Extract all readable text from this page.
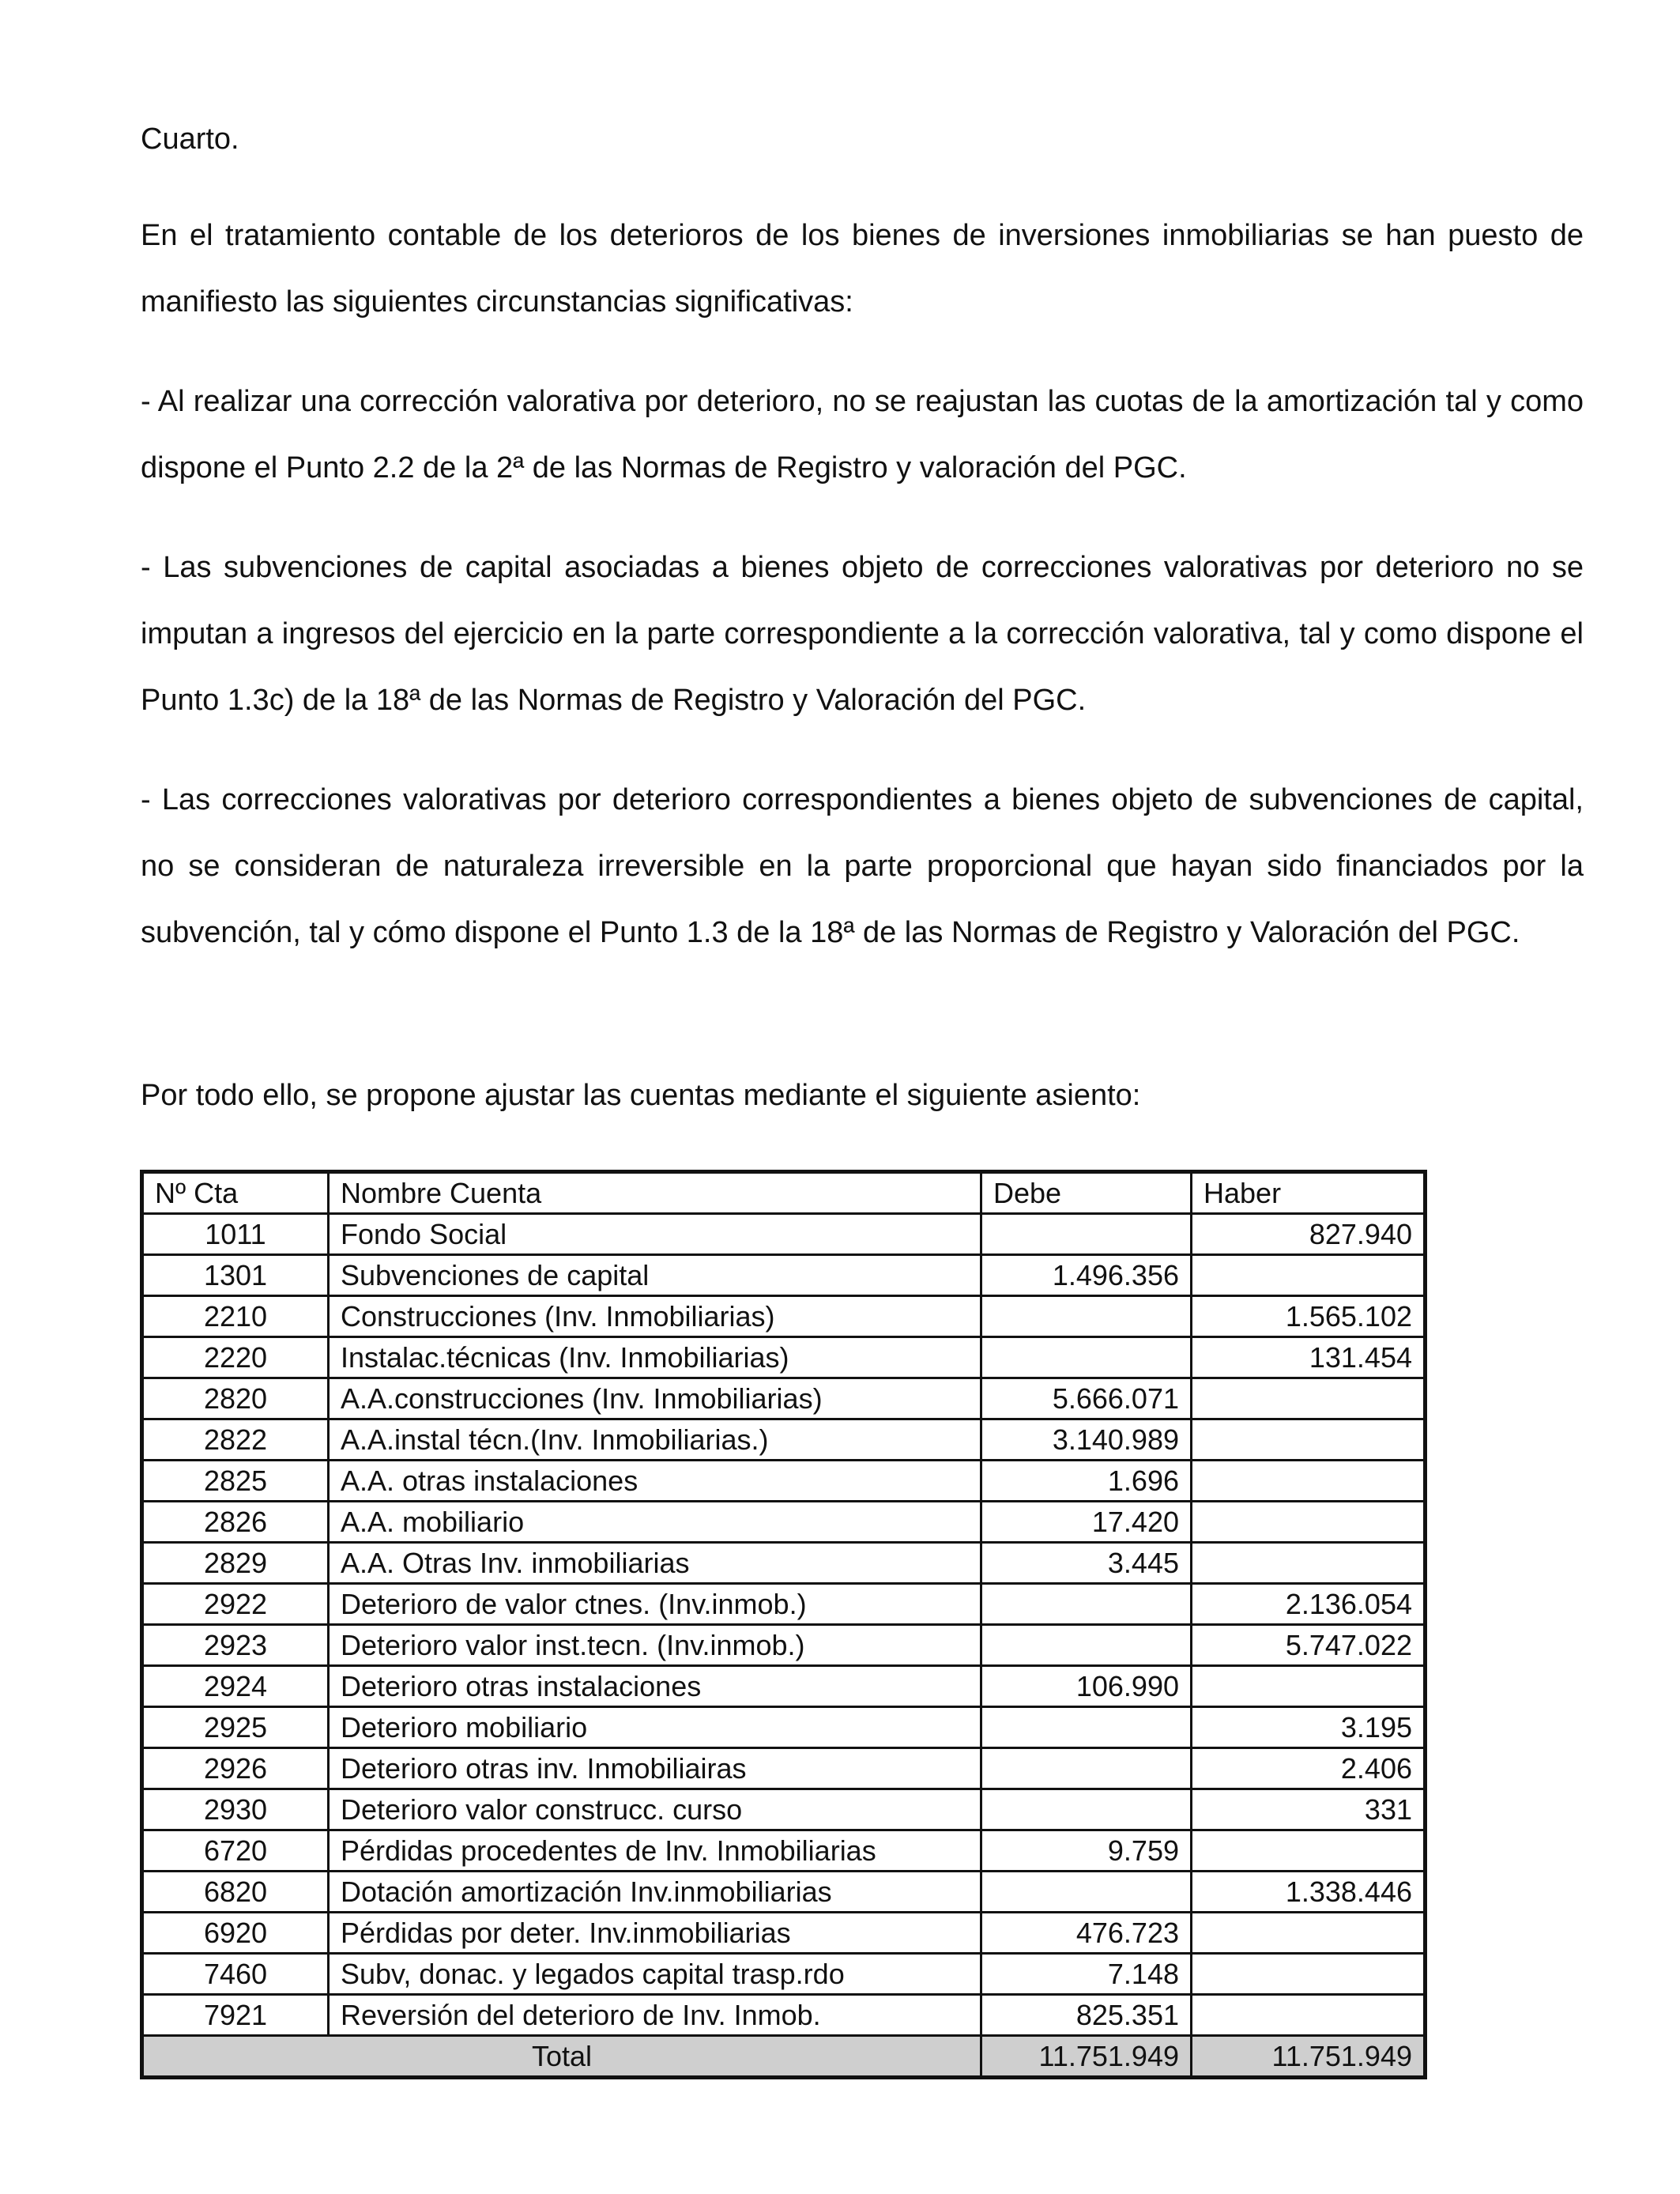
Cuarto.

En el tratamiento contable de los deterioros de los bienes de inversiones inmobiliarias se han puesto de manifiesto las siguientes circunstancias significativas:

- Al realizar una corrección valorativa por deterioro, no se reajustan las cuotas de la amortización tal y como dispone el Punto 2.2 de la 2ª de las Normas de Registro y valoración del PGC.

- Las subvenciones de capital asociadas a bienes objeto de correcciones valorativas por deterioro no se imputan a ingresos del ejercicio en la parte correspondiente a la corrección valorativa, tal y como dispone el Punto 1.3c) de la 18ª de las Normas de Registro y Valoración del PGC.

- Las correcciones valorativas por deterioro correspondientes a bienes objeto de subvenciones de capital, no se consideran de naturaleza irreversible en la parte proporcional que hayan sido financiados por la subvención, tal y cómo dispone el Punto 1.3 de la 18ª de las Normas de Registro y Valoración del PGC.

Por todo ello, se propone ajustar las cuentas mediante el siguiente asiento:

Nº Cta	Nombre Cuenta	Debe	Haber
1011	Fondo Social		827.940
1301	Subvenciones de capital	1.496.356	
2210	Construcciones (Inv. Inmobiliarias)		1.565.102
2220	Instalac.técnicas (Inv. Inmobiliarias)		131.454
2820	A.A.construcciones (Inv. Inmobiliarias)	5.666.071	
2822	A.A.instal técn.(Inv. Inmobiliarias.)	3.140.989	
2825	A.A. otras instalaciones	1.696	
2826	A.A. mobiliario	17.420	
2829	A.A. Otras Inv. inmobiliarias	3.445	
2922	Deterioro de valor ctnes. (Inv.inmob.)		2.136.054
2923	Deterioro valor inst.tecn. (Inv.inmob.)		5.747.022
2924	Deterioro otras instalaciones	106.990	
2925	Deterioro mobiliario		3.195
2926	Deterioro otras inv. Inmobiliairas		2.406
2930	Deterioro valor construcc. curso		331
6720	Pérdidas procedentes de Inv. Inmobiliarias	9.759	
6820	Dotación amortización Inv.inmobiliarias		1.338.446
6920	Pérdidas por deter. Inv.inmobiliarias	476.723	
7460	Subv, donac. y legados capital trasp.rdo	7.148	
7921	Reversión del deterioro de Inv. Inmob.	825.351	
Total		11.751.949	11.751.949
